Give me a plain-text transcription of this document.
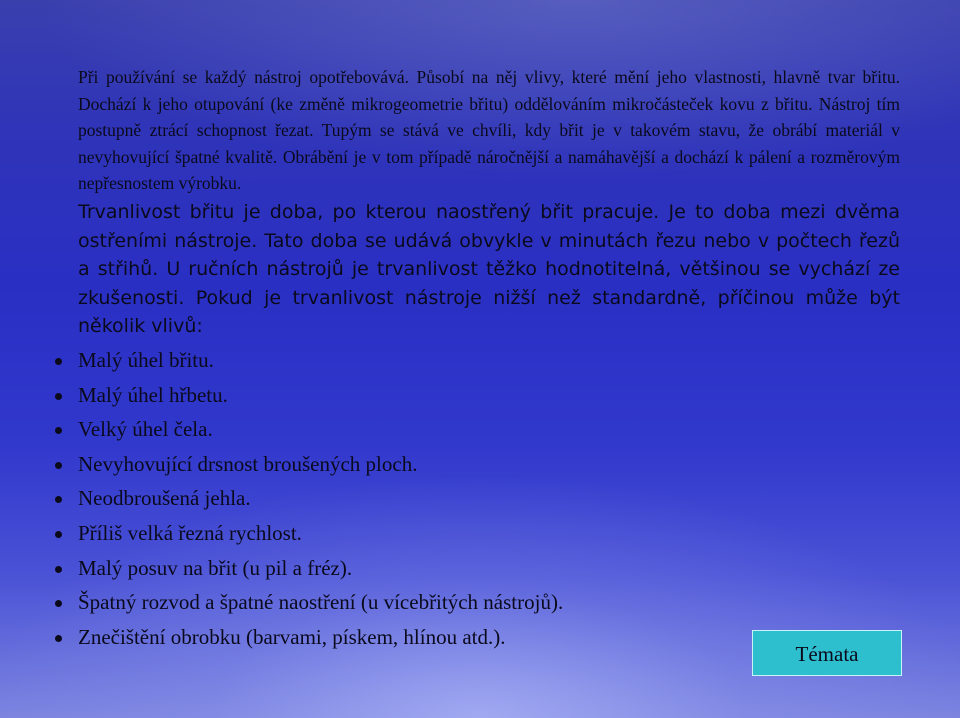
Při používání se každý nástroj opotřebovává. Působí na něj vlivy, které mění jeho vlastnosti, hlavně tvar břitu. Dochází k jeho otupování (ke změně mikrogeometrie břitu) oddělováním mikročásteček kovu z břitu. Nástroj tím postupně ztrácí schopnost řezat. Tupým se stává ve chvíli, kdy břit je v takovém stavu, že obrábí materiál v nevyhovující špatné kvalitě. Obrábění je v tom případě náročnější a namáhavější a dochází k pálení a rozměrovým nepřesnostem výrobku.

Trvanlivost břitu je doba, po kterou naostřený břit pracuje. Je to doba mezi dvěma ostřeními nástroje. Tato doba se udává obvykle v minutách řezu nebo v počtech řezů a střihů. U ručních nástrojů je trvanlivost těžko hodnotitelná, většinou se vychází ze zkušenosti. Pokud je trvanlivost nástroje nižší než standardně, příčinou může být několik vlivů:

Malý úhel břitu.
Malý úhel hřbetu.
Velký úhel čela.
Nevyhovující drsnost broušených ploch.
Neodbroušená jehla.
Příliš velká řezná rychlost.
Malý posuv na břit (u pil a fréz).
Špatný rozvod a špatné naostření (u vícebřitých nástrojů).
Znečištění obrobku (barvami, pískem, hlínou atd.).
Témata
